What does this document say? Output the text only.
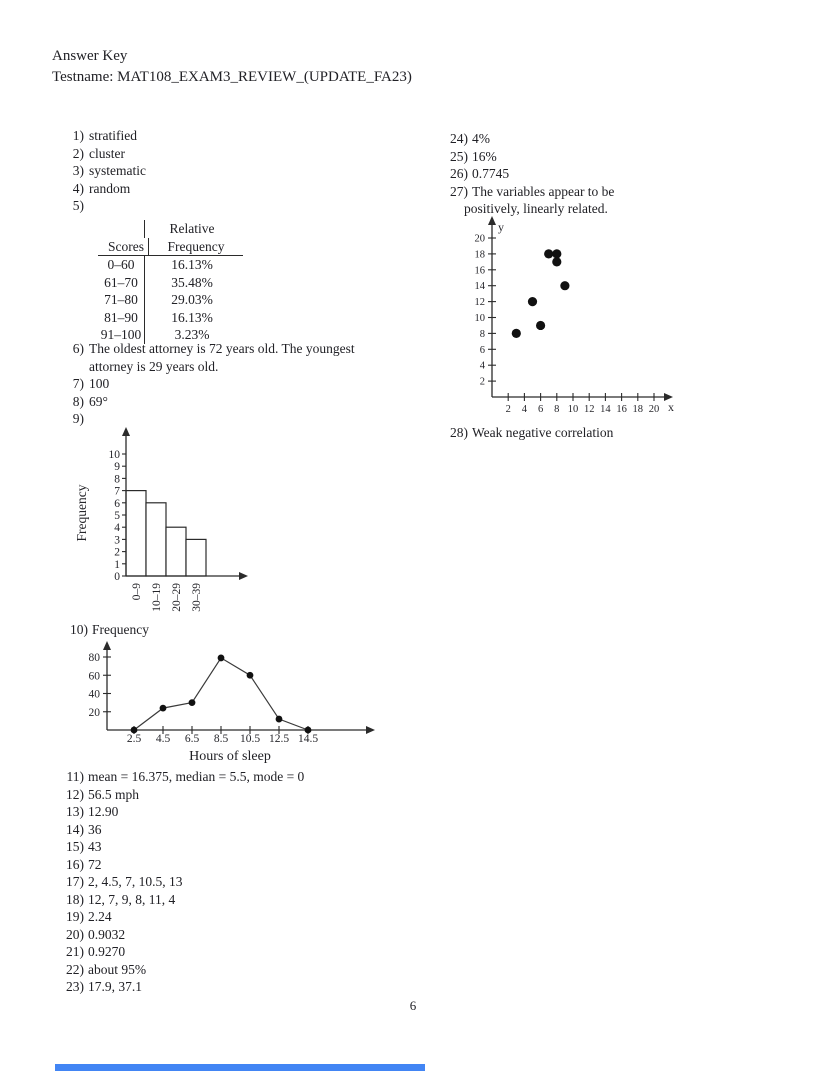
Answer Key
Testname: MAT108_EXAM3_REVIEW_(UPDATE_FA23)
1) stratified
2) cluster
3) systematic
4) random
5)
Relative
Scores	Frequency
0–60	16.13%
61–70	35.48%
71–80	29.03%
81–90	16.13%
91–100	3.23%
6) The oldest attorney is 72 years old. The youngest
attorney is 29 years old.
7) 100
8) 69°
9)
0
1
2
3
4
5
6
7
8
9
10
0–9 10–19 20–29 30–39
Frequency
10) Frequency
20
40
60
80
2.5 4.5 6.5 8.5 10.5 12.5 14.5
Hours of sleep
11) mean = 16.375, median = 5.5, mode = 0
12) 56.5 mph
13) 12.90
14) 36
15) 43
16) 72
17) 2, 4.5, 7, 10.5, 13
18) 12, 7, 9, 8, 11, 4
19) 2.24
20) 0.9032
21) 0.9270
22) about 95%
23) 17.9, 37.1
24) 4%
25) 16%
26) 0.7745
27) The variables appear to be
positively, linearly related.
2
4
6
8
10
12
14
16
18
20
2 4 6 8 10 12 14 16 18 20
y
x
28) Weak negative correlation
6
